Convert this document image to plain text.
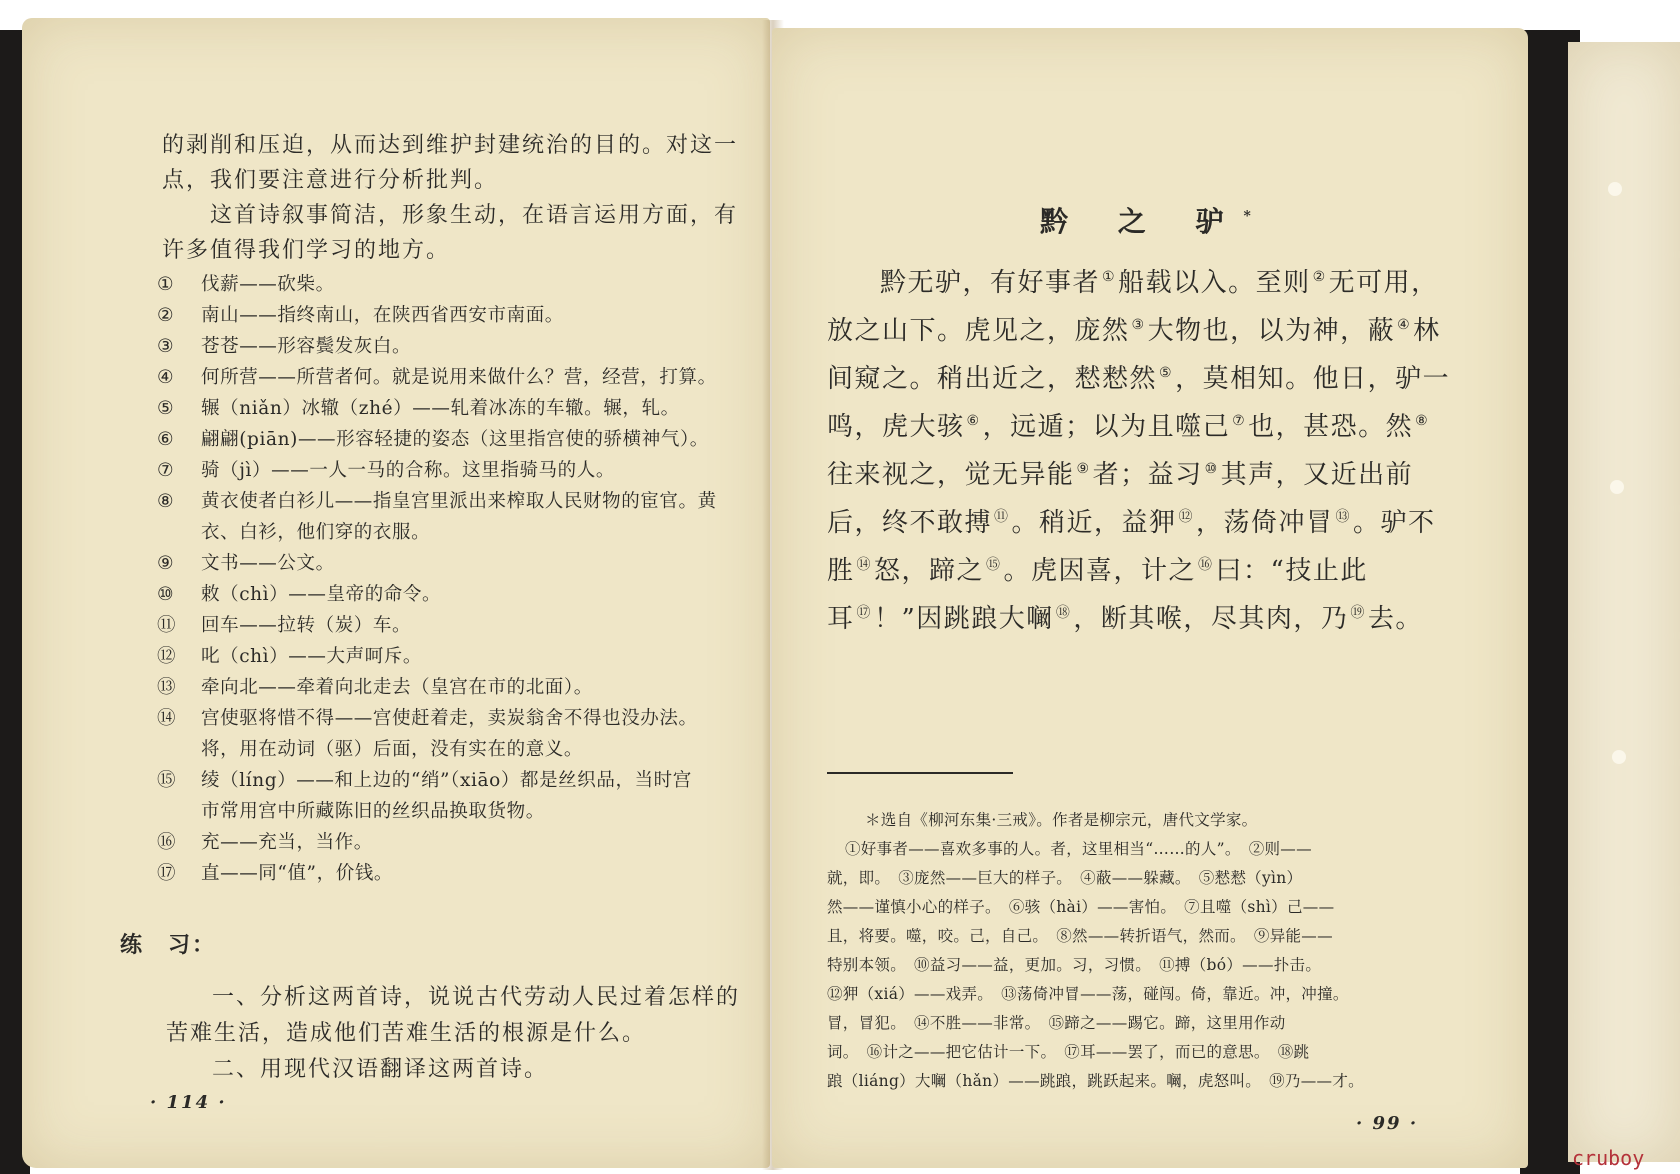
的剥削和压迫，从而达到维护封建统治的目的。对这一
点，我们要注意进行分析批判。
这首诗叙事简洁，形象生动，在语言运用方面，有
许多值得我们学习的地方。
① 伐薪——砍柴。
② 南山——指终南山，在陕西省西安市南面。
③ 苍苍——形容鬓发灰白。
④ 何所营——所营者何。就是说用来做什么？营，经营，打算。
⑤ 辗（niǎn）冰辙（zhé）——轧着冰冻的车辙。辗，轧。
⑥ 翩翩(piān)——形容轻捷的姿态（这里指宫使的骄横神气）。
⑦ 骑（jì）——一人一马的合称。这里指骑马的人。
⑧ 黄衣使者白衫儿——指皇宫里派出来榨取人民财物的宦官。黄
衣、白衫，他们穿的衣服。
⑨ 文书——公文。
⑩ 敕（chì）——皇帝的命令。
⑪ 回车——拉转（炭）车。
⑫ 叱（chì）——大声呵斥。
⑬ 牵向北——牵着向北走去（皇宫在市的北面）。
⑭ 宫使驱将惜不得——宫使赶着走，卖炭翁舍不得也没办法。
将，用在动词（驱）后面，没有实在的意义。
⑮ 绫（líng）——和上边的“绡”（xiāo）都是丝织品，当时宫
市常用宫中所藏陈旧的丝织品换取货物。
⑯ 充——充当，当作。
⑰ 直——同“值”，价钱。
练　习：
一、分析这两首诗，说说古代劳动人民过着怎样的
苦难生活，造成他们苦难生活的根源是什么。
二、用现代汉语翻译这两首诗。
· 114 ·
黔 之 驴*
黔无驴，有好事者 ①船载以入。至则 ②无可用，
放之山下。虎见之，庞然 ③大物也，以为神，蔽 ④林
间窥之。稍出近之，慭慭然 ⑤，莫相知。他日，驴一
鸣，虎大骇 ⑥，远遁；以为且噬己 ⑦也，甚恐。然 ⑧
往来视之，觉无异能 ⑨者；益习 ⑩其声，又近出前
后，终不敢搏 ⑪。稍近，益狎 ⑫，荡倚冲冒 ⑬。驴不
胜 ⑭怒，蹄之 ⑮。虎因喜，计之 ⑯曰：“技止此
耳 ⑰！”因跳踉大㘎 ⑱，断其喉，尽其肉，乃 ⑲去。
＊选自《柳河东集·三戒》。作者是柳宗元，唐代文学家。
①好事者——喜欢多事的人。者，这里相当“……的人”。　②则——
就，即。　③庞然——巨大的样子。　④蔽——躲藏。　⑤慭慭（yìn）
然——谨慎小心的样子。　⑥骇（hài）——害怕。　⑦且噬（shì）己——
且，将要。噬，咬。己，自己。　⑧然——转折语气，然而。　⑨异能——
特别本领。　⑩益习——益，更加。习，习惯。　⑪搏（bó）——扑击。
⑫狎（xiá）——戏弄。　⑬荡倚冲冒——荡，碰闯。倚，靠近。冲，冲撞。
冒，冒犯。　⑭不胜——非常。　⑮蹄之——踢它。蹄，这里用作动
词。　⑯计之——把它估计一下。　⑰耳——罢了，而已的意思。　⑱跳
踉（liáng）大㘎（hǎn）——跳踉，跳跃起来。㘎，虎怒叫。　⑲乃——才。
· 99 ·
cruboy
